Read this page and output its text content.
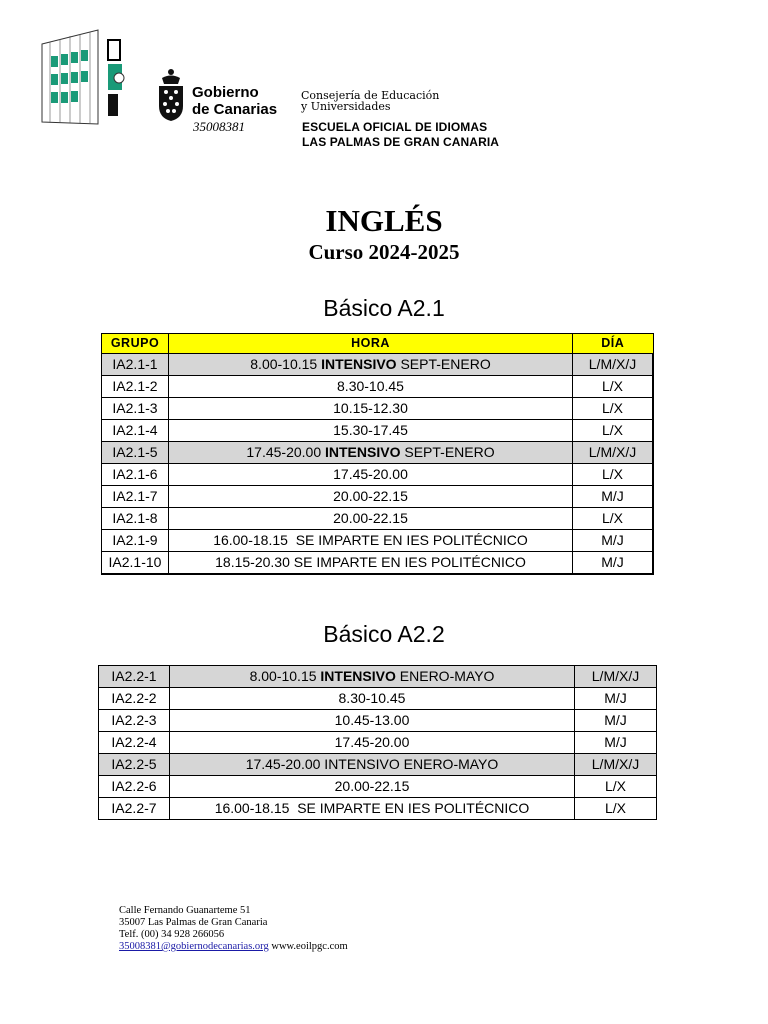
Gobierno
de Canarias
35008381
Consejería de Educación
y Universidades
ESCUELA OFICIAL DE IDIOMAS
LAS PALMAS DE GRAN CANARIA
INGLÉS
Curso 2024-2025
Básico A2.1
GRUPO	HORA	DÍA
IA2.1-1	8.00-10.15 INTENSIVO SEPT-ENERO	L/M/X/J
IA2.1-2	8.30-10.45	L/X
IA2.1-3	10.15-12.30	L/X
IA2.1-4	15.30-17.45	L/X
IA2.1-5	17.45-20.00 INTENSIVO SEPT-ENERO	L/M/X/J
IA2.1-6	17.45-20.00	L/X
IA2.1-7	20.00-22.15	M/J
IA2.1-8	20.00-22.15	L/X
IA2.1-9	16.00-18.15  SE IMPARTE EN IES POLITÉCNICO	M/J
IA2.1-10	18.15-20.30 SE IMPARTE EN IES POLITÉCNICO	M/J
Básico A2.2
IA2.2-1	8.00-10.15 INTENSIVO ENERO-MAYO	L/M/X/J
IA2.2-2	8.30-10.45	M/J
IA2.2-3	10.45-13.00	M/J
IA2.2-4	17.45-20.00	M/J
IA2.2-5	17.45-20.00 INTENSIVO ENERO-MAYO	L/M/X/J
IA2.2-6	20.00-22.15	L/X
IA2.2-7	16.00-18.15  SE IMPARTE EN IES POLITÉCNICO	L/X
Calle Fernando Guanarteme 51
35007 Las Palmas de Gran Canaria
Telf. (00) 34 928 266056
35008381@gobiernodecanarias.org www.eoilpgc.com
